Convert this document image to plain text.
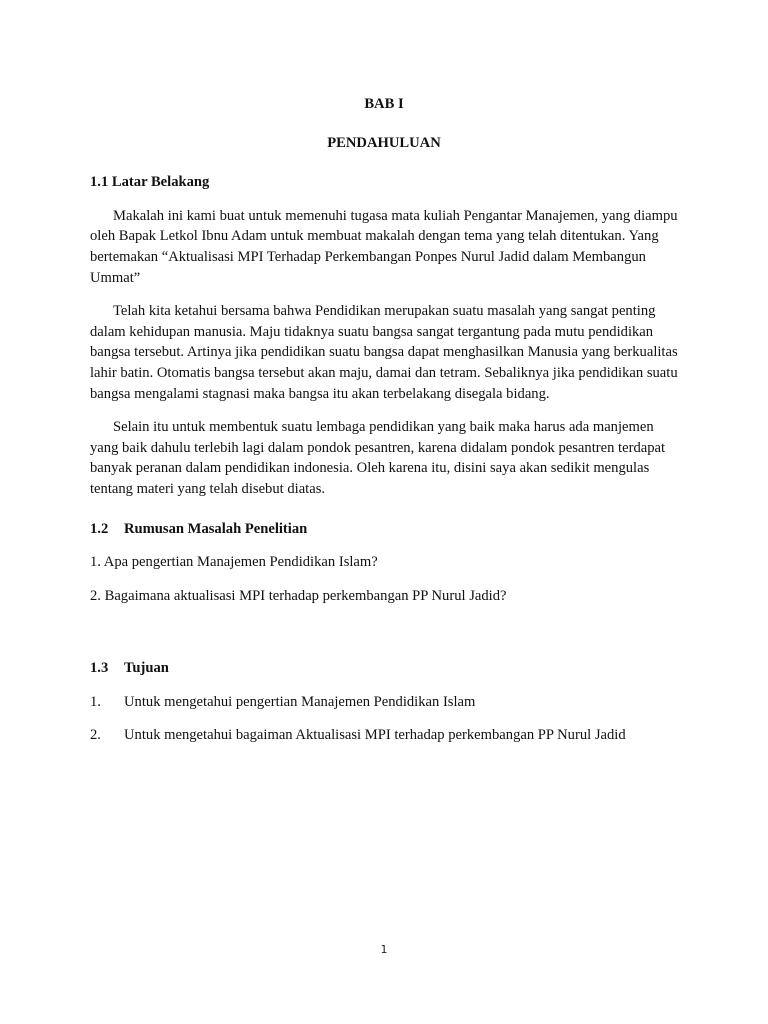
BAB I

PENDAHULUAN

1.1 Latar Belakang

Makalah ini kami buat untuk memenuhi tugasa mata kuliah Pengantar Manajemen, yang diampu oleh Bapak Letkol Ibnu Adam untuk membuat makalah dengan tema yang telah ditentukan. Yang bertemakan “Aktualisasi MPI Terhadap Perkembangan Ponpes Nurul Jadid dalam Membangun Ummat”

Telah kita ketahui bersama bahwa Pendidikan merupakan suatu masalah yang sangat penting dalam kehidupan manusia. Maju tidaknya suatu bangsa sangat tergantung pada mutu pendidikan bangsa tersebut. Artinya jika pendidikan suatu bangsa dapat menghasilkan Manusia yang berkualitas lahir batin. Otomatis bangsa tersebut akan maju, damai dan tetram. Sebaliknya jika pendidikan suatu bangsa mengalami stagnasi maka bangsa itu akan terbelakang disegala bidang.

Selain itu untuk membentuk suatu lembaga pendidikan yang baik maka harus ada manjemen yang baik dahulu terlebih lagi dalam pondok pesantren, karena didalam pondok pesantren terdapat banyak peranan dalam pendidikan indonesia. Oleh karena itu, disini saya akan sedikit mengulas tentang materi yang telah disebut diatas.

1.2 Rumusan Masalah Penelitian

1. Apa pengertian Manajemen Pendidikan Islam?

2. Bagaimana aktualisasi MPI terhadap perkembangan PP Nurul Jadid?

1.3 Tujuan

1. Untuk mengetahui pengertian Manajemen Pendidikan Islam

2. Untuk mengetahui bagaiman Aktualisasi MPI terhadap perkembangan PP Nurul Jadid

1
